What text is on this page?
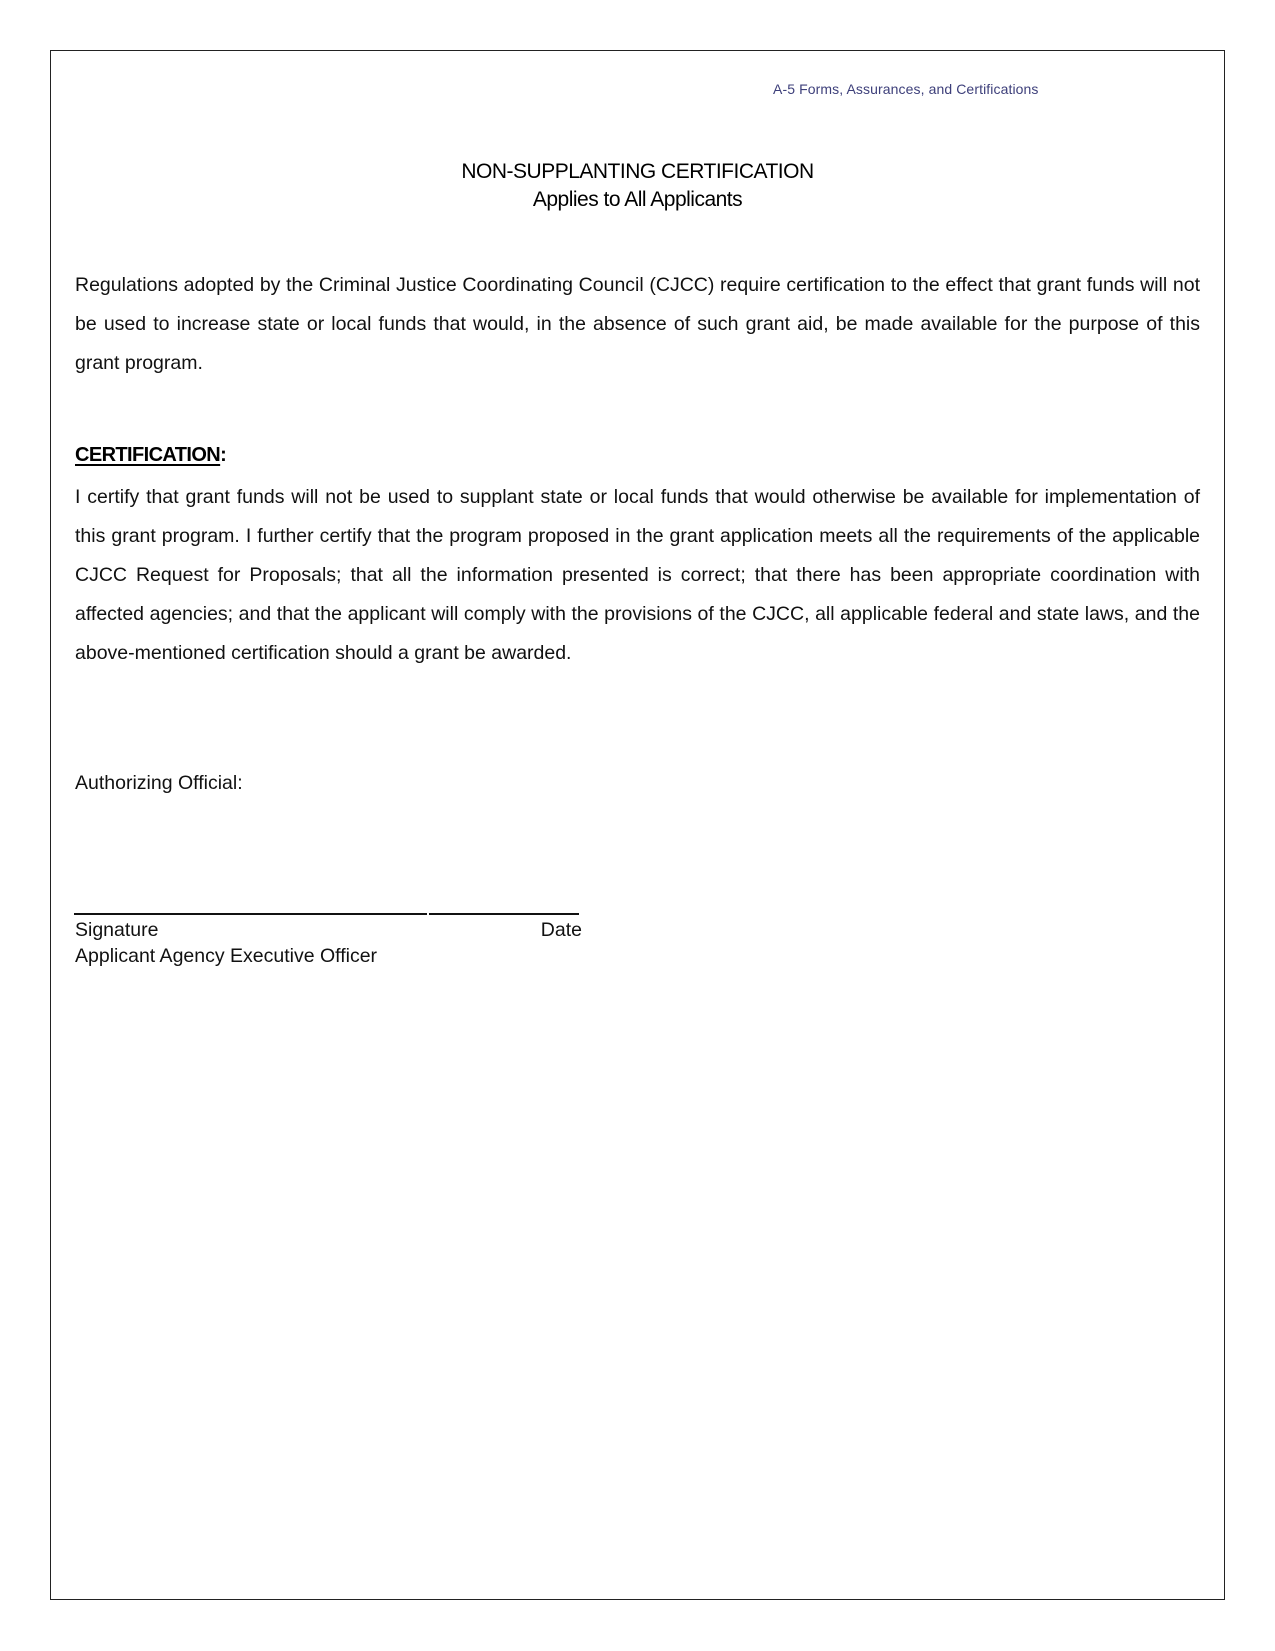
A-5 Forms, Assurances, and Certifications
NON-SUPPLANTING CERTIFICATION
Applies to All Applicants
Regulations adopted by the Criminal Justice Coordinating Council (CJCC) require certification to the effect that grant funds will not be used to increase state or local funds that would, in the absence of such grant aid, be made available for the purpose of this grant program.
CERTIFICATION:
I certify that grant funds will not be used to supplant state or local funds that would otherwise be available for implementation of this grant program. I further certify that the program proposed in the grant application meets all the requirements of the applicable CJCC Request for Proposals; that all the information presented is correct; that there has been appropriate coordination with affected agencies; and that the applicant will comply with the provisions of the CJCC, all applicable federal and state laws, and the above-mentioned certification should a grant be awarded.
Authorizing Official:
Signature	Date
Applicant Agency Executive Officer
